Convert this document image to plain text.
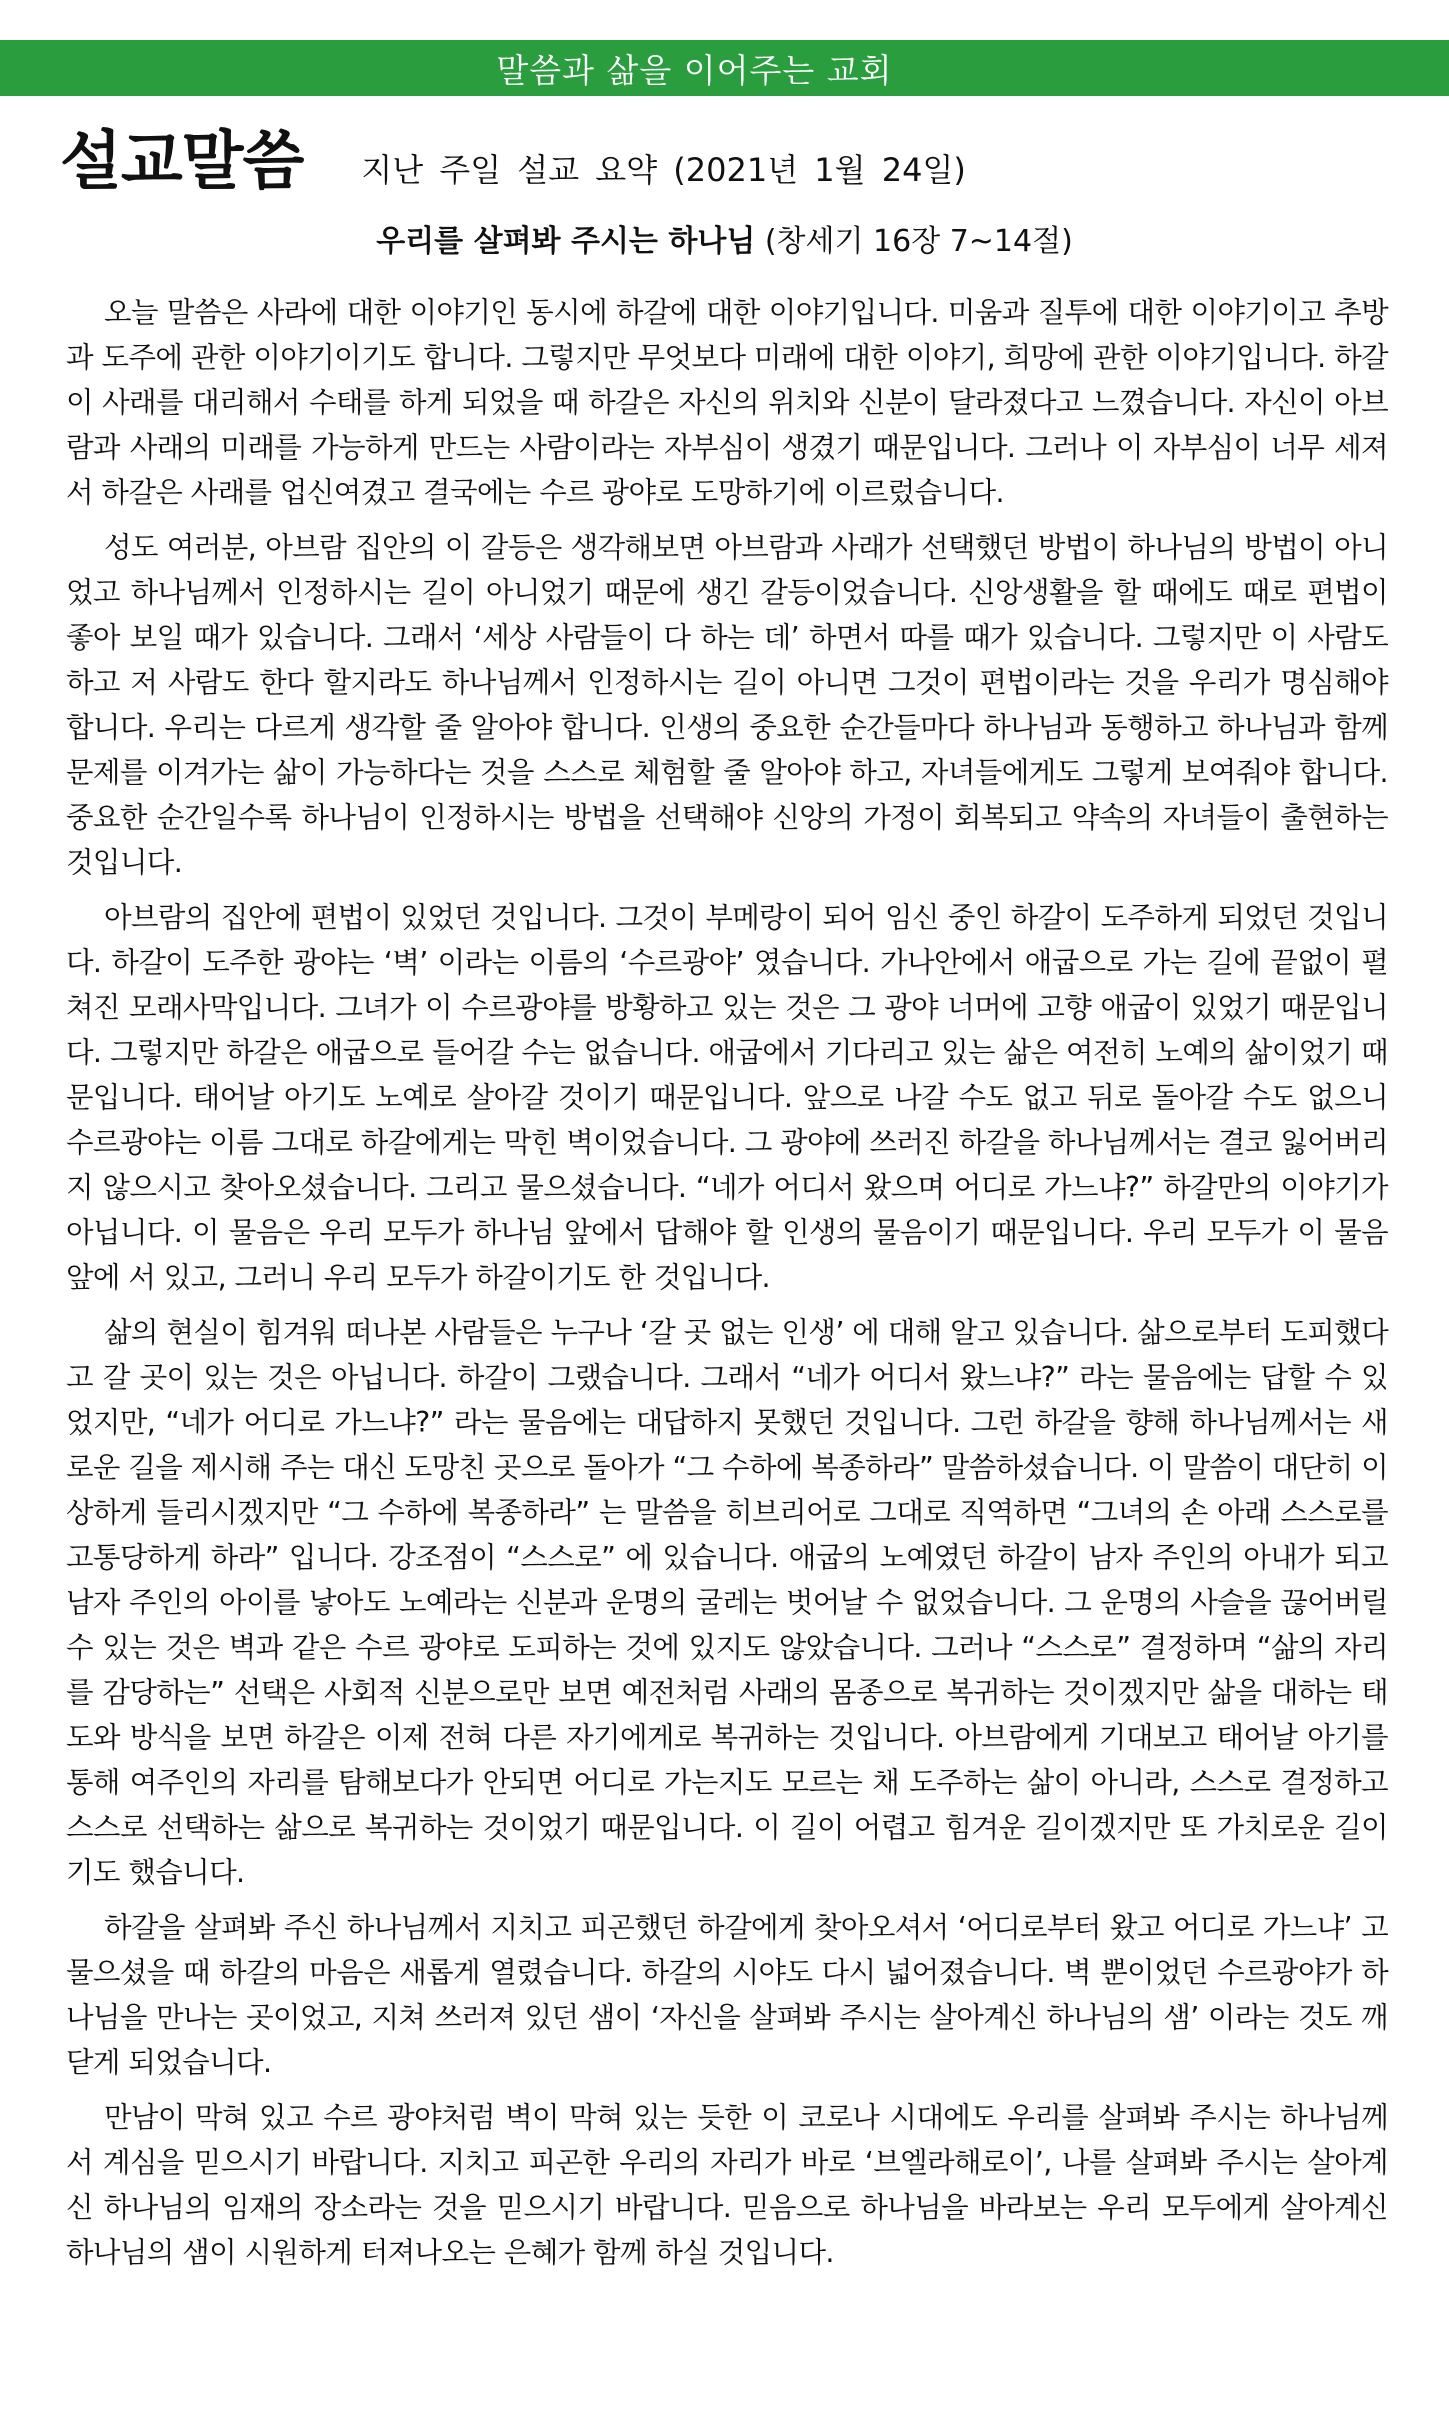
말씀과 삶을 이어주는 교회
설교말씀 지난 주일 설교 요약 (2021년 1월 24일)
우리를 살펴봐 주시는 하나님 (창세기 16장 7~14절)

오늘 말씀은 사라에 대한 이야기인 동시에 하갈에 대한 이야기입니다. 미움과 질투에 대한 이야기이고 추방과 도주에 관한 이야기이기도 합니다. 그렇지만 무엇보다 미래에 대한 이야기, 희망에 관한 이야기입니다. 하갈이 사래를 대리해서 수태를 하게 되었을 때 하갈은 자신의 위치와 신분이 달라졌다고 느꼈습니다. 자신이 아브람과 사래의 미래를 가능하게 만드는 사람이라는 자부심이 생겼기 때문입니다. 그러나 이 자부심이 너무 세져서 하갈은 사래를 업신여겼고 결국에는 수르 광야로 도망하기에 이르렀습니다.

성도 여러분, 아브람 집안의 이 갈등은 생각해보면 아브람과 사래가 선택했던 방법이 하나님의 방법이 아니었고 하나님께서 인정하시는 길이 아니었기 때문에 생긴 갈등이었습니다. 신앙생활을 할 때에도 때로 편법이 좋아 보일 때가 있습니다. 그래서 ‘세상 사람들이 다 하는 데’ 하면서 따를 때가 있습니다. 그렇지만 이 사람도 하고 저 사람도 한다 할지라도 하나님께서 인정하시는 길이 아니면 그것이 편법이라는 것을 우리가 명심해야 합니다. 우리는 다르게 생각할 줄 알아야 합니다. 인생의 중요한 순간들마다 하나님과 동행하고 하나님과 함께 문제를 이겨가는 삶이 가능하다는 것을 스스로 체험할 줄 알아야 하고, 자녀들에게도 그렇게 보여줘야 합니다. 중요한 순간일수록 하나님이 인정하시는 방법을 선택해야 신앙의 가정이 회복되고 약속의 자녀들이 출현하는 것입니다.

아브람의 집안에 편법이 있었던 것입니다. 그것이 부메랑이 되어 임신 중인 하갈이 도주하게 되었던 것입니다. 하갈이 도주한 광야는 ‘벽’ 이라는 이름의 ‘수르광야’ 였습니다. 가나안에서 애굽으로 가는 길에 끝없이 펼쳐진 모래사막입니다. 그녀가 이 수르광야를 방황하고 있는 것은 그 광야 너머에 고향 애굽이 있었기 때문입니다. 그렇지만 하갈은 애굽으로 들어갈 수는 없습니다. 애굽에서 기다리고 있는 삶은 여전히 노예의 삶이었기 때문입니다. 태어날 아기도 노예로 살아갈 것이기 때문입니다. 앞으로 나갈 수도 없고 뒤로 돌아갈 수도 없으니 수르광야는 이름 그대로 하갈에게는 막힌 벽이었습니다. 그 광야에 쓰러진 하갈을 하나님께서는 결코 잃어버리지 않으시고 찾아오셨습니다. 그리고 물으셨습니다. “네가 어디서 왔으며 어디로 가느냐?” 하갈만의 이야기가 아닙니다. 이 물음은 우리 모두가 하나님 앞에서 답해야 할 인생의 물음이기 때문입니다. 우리 모두가 이 물음 앞에 서 있고, 그러니 우리 모두가 하갈이기도 한 것입니다.

삶의 현실이 힘겨워 떠나본 사람들은 누구나 ‘갈 곳 없는 인생’ 에 대해 알고 있습니다. 삶으로부터 도피했다고 갈 곳이 있는 것은 아닙니다. 하갈이 그랬습니다. 그래서 “네가 어디서 왔느냐?” 라는 물음에는 답할 수 있었지만, “네가 어디로 가느냐?” 라는 물음에는 대답하지 못했던 것입니다. 그런 하갈을 향해 하나님께서는 새로운 길을 제시해 주는 대신 도망친 곳으로 돌아가 “그 수하에 복종하라” 말씀하셨습니다. 이 말씀이 대단히 이상하게 들리시겠지만 “그 수하에 복종하라” 는 말씀을 히브리어로 그대로 직역하면 “그녀의 손 아래 스스로를 고통당하게 하라” 입니다. 강조점이 “스스로” 에 있습니다. 애굽의 노예였던 하갈이 남자 주인의 아내가 되고 남자 주인의 아이를 낳아도 노예라는 신분과 운명의 굴레는 벗어날 수 없었습니다. 그 운명의 사슬을 끊어버릴 수 있는 것은 벽과 같은 수르 광야로 도피하는 것에 있지도 않았습니다. 그러나 “스스로” 결정하며 “삶의 자리를 감당하는” 선택은 사회적 신분으로만 보면 예전처럼 사래의 몸종으로 복귀하는 것이겠지만 삶을 대하는 태도와 방식을 보면 하갈은 이제 전혀 다른 자기에게로 복귀하는 것입니다. 아브람에게 기대보고 태어날 아기를 통해 여주인의 자리를 탐해보다가 안되면 어디로 가는지도 모르는 채 도주하는 삶이 아니라, 스스로 결정하고 스스로 선택하는 삶으로 복귀하는 것이었기 때문입니다. 이 길이 어렵고 힘겨운 길이겠지만 또 가치로운 길이기도 했습니다.

하갈을 살펴봐 주신 하나님께서 지치고 피곤했던 하갈에게 찾아오셔서 ‘어디로부터 왔고 어디로 가느냐’ 고 물으셨을 때 하갈의 마음은 새롭게 열렸습니다. 하갈의 시야도 다시 넓어졌습니다. 벽 뿐이었던 수르광야가 하나님을 만나는 곳이었고, 지쳐 쓰러져 있던 샘이 ‘자신을 살펴봐 주시는 살아계신 하나님의 샘’ 이라는 것도 깨닫게 되었습니다.

만남이 막혀 있고 수르 광야처럼 벽이 막혀 있는 듯한 이 코로나 시대에도 우리를 살펴봐 주시는 하나님께서 계심을 믿으시기 바랍니다. 지치고 피곤한 우리의 자리가 바로 ‘브엘라해로이’, 나를 살펴봐 주시는 살아계신 하나님의 임재의 장소라는 것을 믿으시기 바랍니다. 믿음으로 하나님을 바라보는 우리 모두에게 살아계신 하나님의 샘이 시원하게 터져나오는 은혜가 함께 하실 것입니다.
